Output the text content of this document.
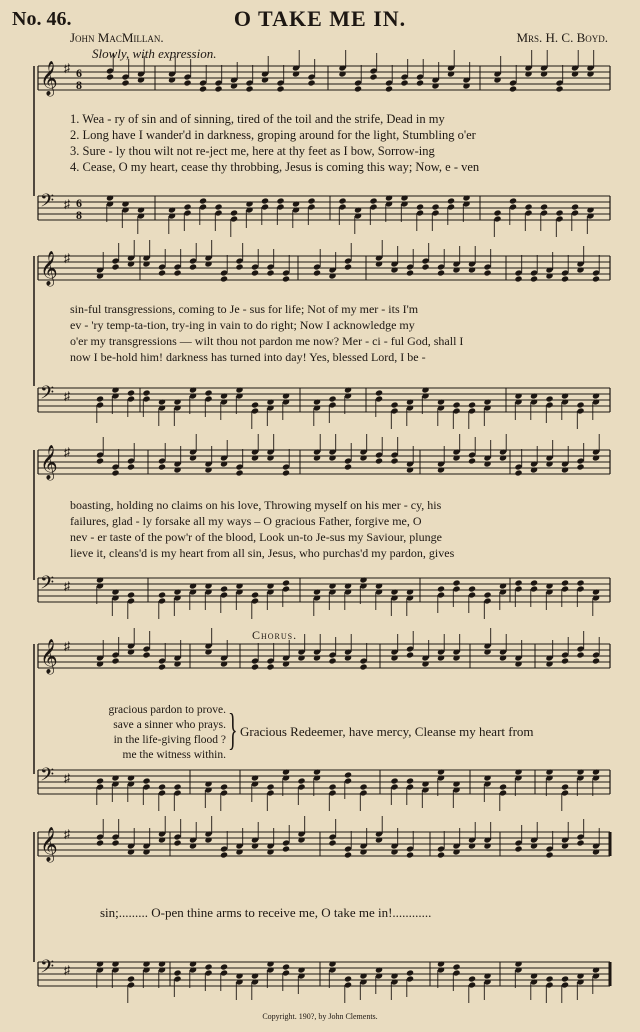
No. 46.	O TAKE ME IN.
John MacMillan.	Mrs. H. C. Boyd.
Slowly, with expression.
𝄞 ♯ 6
8
𝄢 ♯ 6
8
𝄞 ♯
𝄢 ♯
𝄞 ♯
𝄢 ♯
𝄞 ♯
𝄢 ♯
𝄞 ♯
𝄢 ♯
1. Wea - ry of sin and of sinning, tired of the toil and the strife, Dead in my
2. Long have I wander'd in darkness, groping around for the light, Stumbling o'er
3. Sure - ly thou wilt not re-ject me, here at thy feet as I bow, Sorrow-ing
4. Cease, O my heart, cease thy throbbing, Jesus is coming this way; Now, e - ven
sin-ful transgressions, coming to Je - sus for life; Not of my mer - its I'm
ev - 'ry temp-ta-tion, try-ing in vain to do right; Now I acknowledge my
o'er my transgressions — wilt thou not pardon me now? Mer - ci - ful God, shall I
now I be-hold him! darkness has turned into day! Yes, blessed Lord, I be -
boasting, holding no claims on his love, Throwing myself on his mer - cy, his
failures, glad - ly forsake all my ways – O gracious Father, forgive me, O
nev - er taste of the pow'r of the blood, Look un-to Je-sus my Saviour, plunge
lieve it, cleans'd is my heart from all sin, Jesus, who purchas'd my pardon, gives
Chorus.
gracious pardon to prove.
save a sinner who prays.
in the life-giving flood ?
me the witness within.
} Gracious Redeemer, have mercy, Cleanse my heart from
sin;......... O-pen thine arms to receive me, O take me in!............
Copyright. 190?, by John Clements.
